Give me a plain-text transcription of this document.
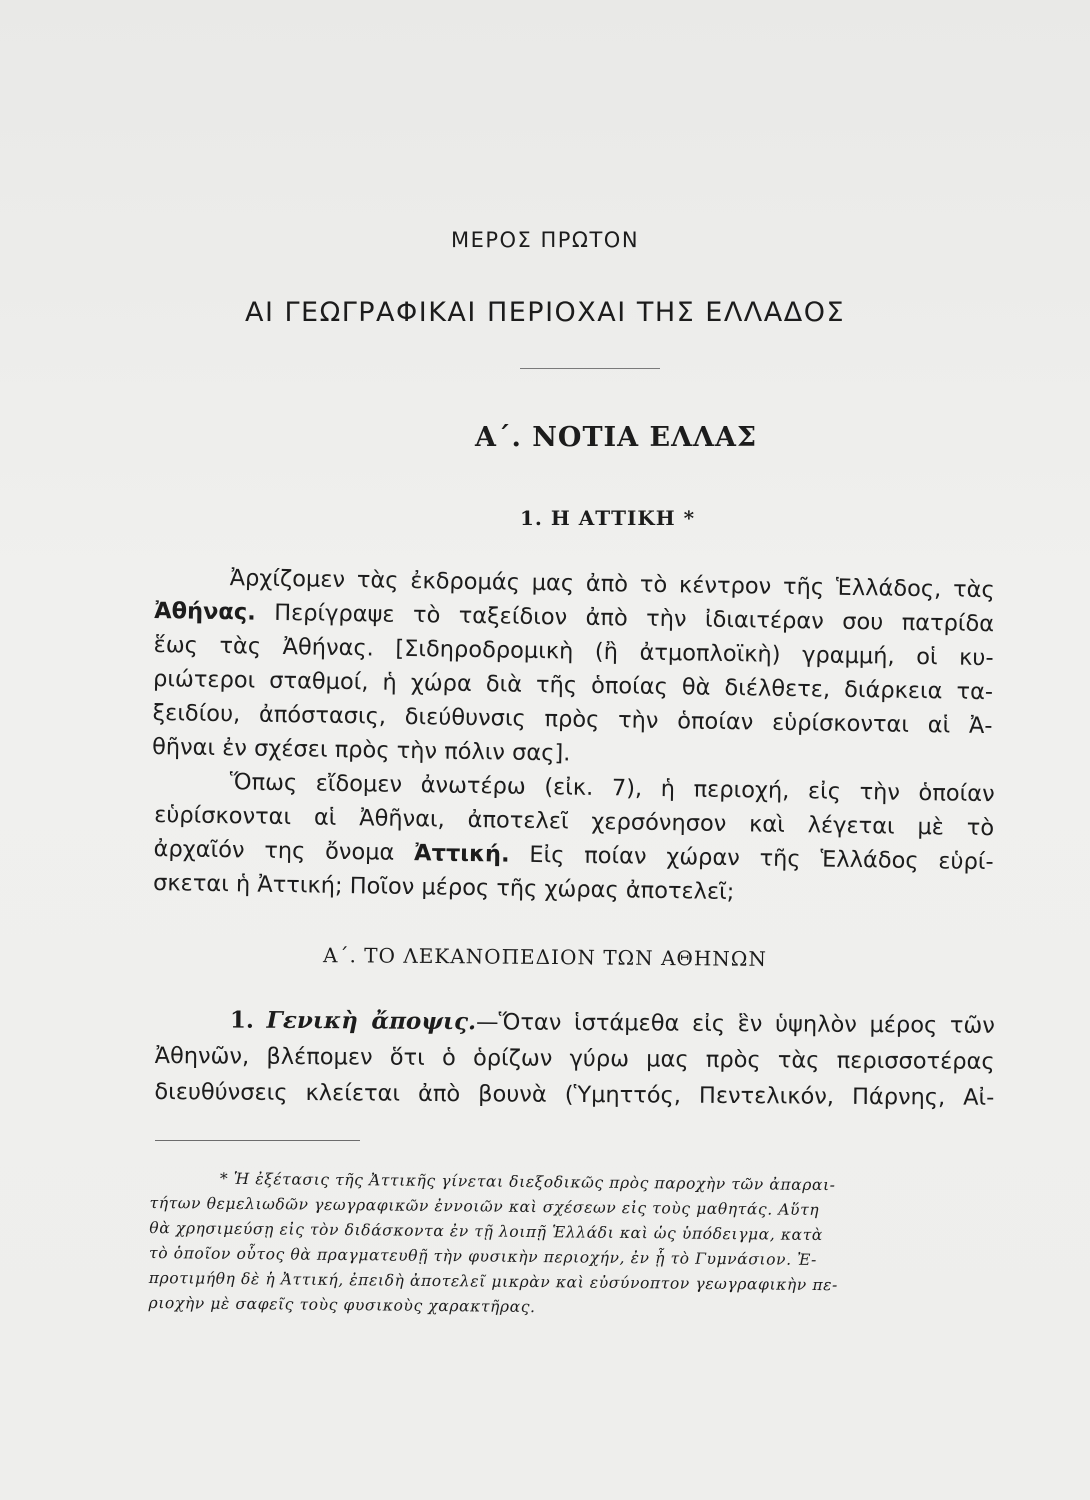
ΜΕΡΟΣ ΠΡΩΤΟΝ
ΑΙ ΓΕΩΓΡΑΦΙΚΑΙ ΠΕΡΙΟΧΑΙ ΤΗΣ ΕΛΛΑΔΟΣ
Α΄. ΝΟΤΙΑ ΕΛΛΑΣ
1. Η ΑΤΤΙΚΗ *
Ἀρχίζομεν τὰς ἐκδρομάς μας ἀπὸ τὸ κέντρον τῆς Ἑλλάδος, τὰς
Ἀθήνας. Περίγραψε τὸ ταξείδιον ἀπὸ τὴν ἰδιαιτέραν σου πατρίδα
ἕως τὰς Ἀθήνας. [Σιδηροδρομικὴ (ἢ ἀτμοπλοϊκὴ) γραμμή, οἱ κυ-
ριώτεροι σταθμοί, ἡ χώρα διὰ τῆς ὁποίας θὰ διέλθετε, διάρκεια τα-
ξειδίου, ἀπόστασις, διεύθυνσις πρὸς τὴν ὁποίαν εὑρίσκονται αἱ Ἀ-
θῆναι ἐν σχέσει πρὸς τὴν πόλιν σας].
Ὅπως εἴδομεν ἀνωτέρω (εἰκ. 7), ἡ περιοχή, εἰς τὴν ὁποίαν
εὑρίσκονται αἱ Ἀθῆναι, ἀποτελεῖ χερσόνησον καὶ λέγεται μὲ τὸ
ἀρχαῖόν της ὄνομα Ἀττική. Εἰς ποίαν χώραν τῆς Ἑλλάδος εὑρί-
σκεται ἡ Ἀττική; Ποῖον μέρος τῆς χώρας ἀποτελεῖ;
Α΄. ΤΟ ΛΕΚΑΝΟΠΕΔΙΟΝ ΤΩΝ ΑΘΗΝΩΝ
1. Γενικὴ ἄποψις.—Ὅταν ἱστάμεθα εἰς ἓν ὑψηλὸν μέρος τῶν
Ἀθηνῶν, βλέπομεν ὅτι ὁ ὁρίζων γύρω μας πρὸς τὰς περισσοτέρας
διευθύνσεις κλείεται ἀπὸ βουνὰ (Ὑμηττός, Πεντελικόν, Πάρνης, Αἰ-
* Ἡ ἐξέτασις τῆς Ἀττικῆς γίνεται διεξοδικῶς πρὸς παροχὴν τῶν ἀπαραι-
τήτων θεμελιωδῶν γεωγραφικῶν ἐννοιῶν καὶ σχέσεων εἰς τοὺς μαθητάς. Αὕτη
θὰ χρησιμεύσῃ εἰς τὸν διδάσκοντα ἐν τῇ λοιπῇ Ἑλλάδι καὶ ὡς ὑπόδειγμα, κατὰ
τὸ ὁποῖον οὗτος θὰ πραγματευθῇ τὴν φυσικὴν περιοχήν, ἐν ᾗ τὸ Γυμνάσιον. Ἐ-
προτιμήθη δὲ ἡ Ἀττική, ἐπειδὴ ἀποτελεῖ μικρὰν καὶ εὐσύνοπτον γεωγραφικὴν πε-
ριοχὴν μὲ σαφεῖς τοὺς φυσικοὺς χαρακτῆρας.
